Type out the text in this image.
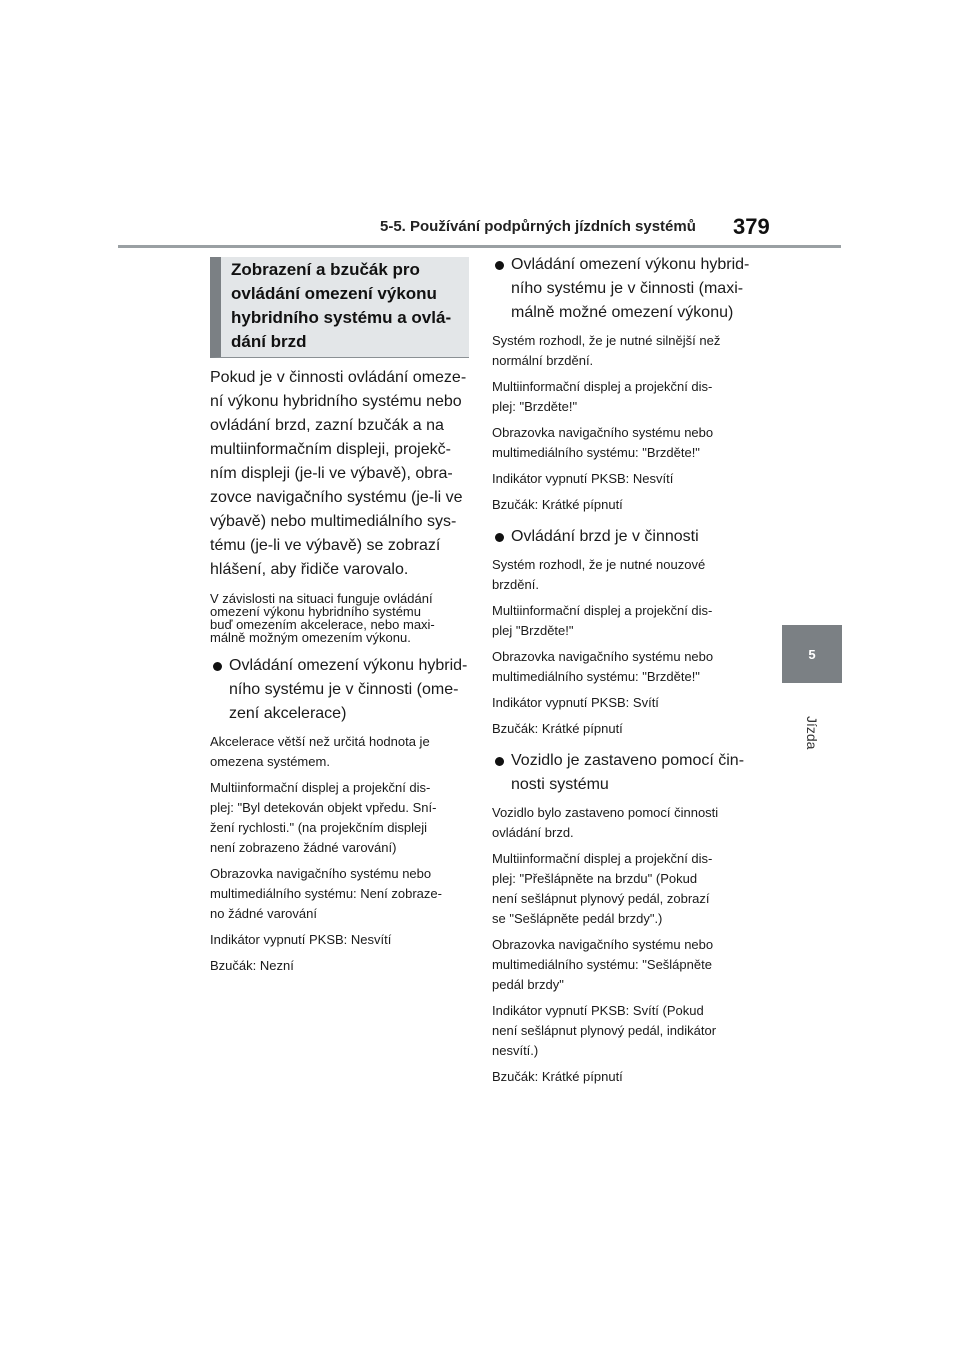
5-5. Používání podpůrných jízdních systémů 379
5
Jízda
Zobrazení a bzučák pro
ovládání omezení výkonu
hybridního systému a ovlá-
dání brzd
Pokud je v činnosti ovládání omeze-
ní výkonu hybridního systému nebo
ovládání brzd, zazní bzučák a na
multiinformačním displeji, projekč-
ním displeji (je-li ve výbavě), obra-
zovce navigačního systému (je-li ve
výbavě) nebo multimediálního sys-
tému (je-li ve výbavě) se zobrazí
hlášení, aby řidiče varovalo.
V závislosti na situaci funguje ovládání
omezení výkonu hybridního systému
buď omezením akcelerace, nebo maxi-
málně možným omezením výkonu.
Ovládání omezení výkonu hybrid-
ního systému je v činnosti (ome-
zení akcelerace)
Akcelerace větší než určitá hodnota je
omezena systémem.
Multiinformační displej a projekční dis-
plej: "Byl detekován objekt vpředu. Sní-
žení rychlosti." (na projekčním displeji
není zobrazeno žádné varování)
Obrazovka navigačního systému nebo
multimediálního systému: Není zobraze-
no žádné varování
Indikátor vypnutí PKSB: Nesvítí
Bzučák: Nezní
Ovládání omezení výkonu hybrid-
ního systému je v činnosti (maxi-
málně možné omezení výkonu)
Systém rozhodl, že je nutné silnější než
normální brzdění.
Multiinformační displej a projekční dis-
plej: "Brzděte!"
Obrazovka navigačního systému nebo
multimediálního systému: "Brzděte!"
Indikátor vypnutí PKSB: Nesvítí
Bzučák: Krátké pípnutí
Ovládání brzd je v činnosti
Systém rozhodl, že je nutné nouzové
brzdění.
Multiinformační displej a projekční dis-
plej "Brzděte!"
Obrazovka navigačního systému nebo
multimediálního systému: "Brzděte!"
Indikátor vypnutí PKSB: Svítí
Bzučák: Krátké pípnutí
Vozidlo je zastaveno pomocí čin-
nosti systému
Vozidlo bylo zastaveno pomocí činnosti
ovládání brzd.
Multiinformační displej a projekční dis-
plej: "Přešlápněte na brzdu" (Pokud
není sešlápnut plynový pedál, zobrazí
se "Sešlápněte pedál brzdy".)
Obrazovka navigačního systému nebo
multimediálního systému: "Sešlápněte
pedál brzdy"
Indikátor vypnutí PKSB: Svítí (Pokud
není sešlápnut plynový pedál, indikátor
nesvítí.)
Bzučák: Krátké pípnutí
